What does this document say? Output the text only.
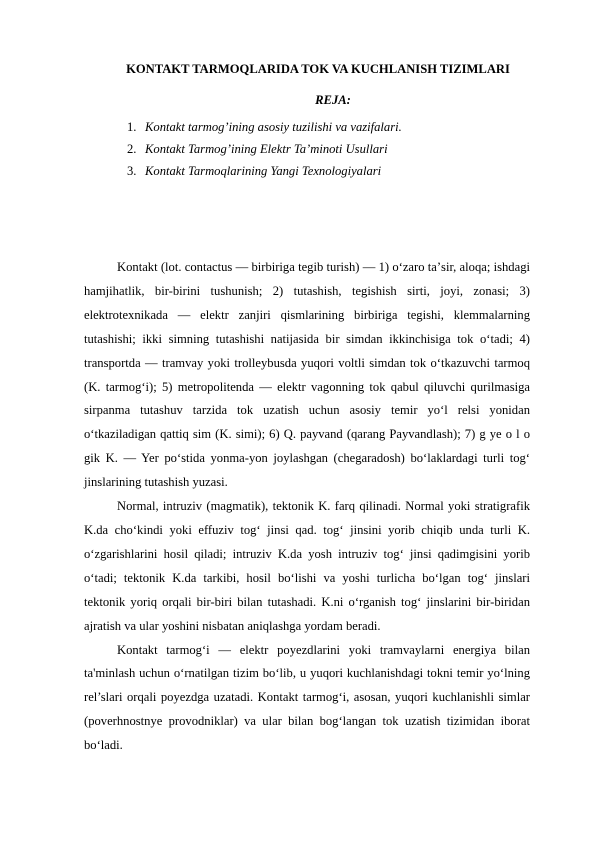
KONTAKT TARMOQLARIDA TOK VA KUCHLANISH TIZIMLARI
REJA:
1. Kontakt tarmog’ining asosiy tuzilishi va vazifalari.
2. Kontakt Tarmog’ining Elektr Ta’minoti Usullari
3. Kontakt Tarmoqlarining Yangi Texnologiyalari

Kontakt (lot. contactus — birbiriga tegib turish) — 1) oʻzaro taʼsir, aloqa; ishdagi hamjihatlik, bir-birini tushunish; 2) tutashish, tegishish sirti, joyi, zonasi; 3) elektrotexnikada — elektr zanjiri qismlarining birbiriga tegishi, klemmalarning tutashishi; ikki simning tutashishi natijasida bir simdan ikkinchisiga tok oʻtadi; 4) transportda — tramvay yoki trolleybusda yuqori voltli simdan tok oʻtkazuvchi tarmoq (K. tarmogʻi); 5) metropolitenda — elektr vagonning tok qabul qiluvchi qurilmasiga sirpanma tutashuv tarzida tok uzatish uchun asosiy temir yoʻl relsi yonidan oʻtkaziladigan qattiq sim (K. simi); 6) Q. payvand (qarang Payvandlash); 7) g ye o l o gik K. — Yer poʻstida yonma-yon joylashgan (chegaradosh) boʻlaklardagi turli togʻ jinslarining tutashish yuzasi.

Normal, intruziv (magmatik), tektonik K. farq qilinadi. Normal yoki stratigrafik K.da choʻkindi yoki effuziv togʻ jinsi qad. togʻ jinsini yorib chiqib unda turli K. oʻzgarishlarini hosil qiladi; intruziv K.da yosh intruziv togʻ jinsi qadimgisini yorib oʻtadi; tektonik K.da tarkibi, hosil boʻlishi va yoshi turlicha boʻlgan togʻ jinslari tektonik yoriq orqali bir-biri bilan tutashadi. K.ni oʻrganish togʻ jinslarini bir-biridan ajratish va ular yoshini nisbatan aniqlashga yordam beradi.

Kontakt tarmogʻi — elektr poyezdlarini yoki tramvaylarni energiya bilan ta'minlash uchun oʻrnatilgan tizim boʻlib, u yuqori kuchlanishdagi tokni temir yoʻlning rel’slari orqali poyezdga uzatadi. Kontakt tarmogʻi, asosan, yuqori kuchlanishli simlar (poverhnostnye provodniklar) va ular bilan bogʻlangan tok uzatish tizimidan iborat boʻladi.
